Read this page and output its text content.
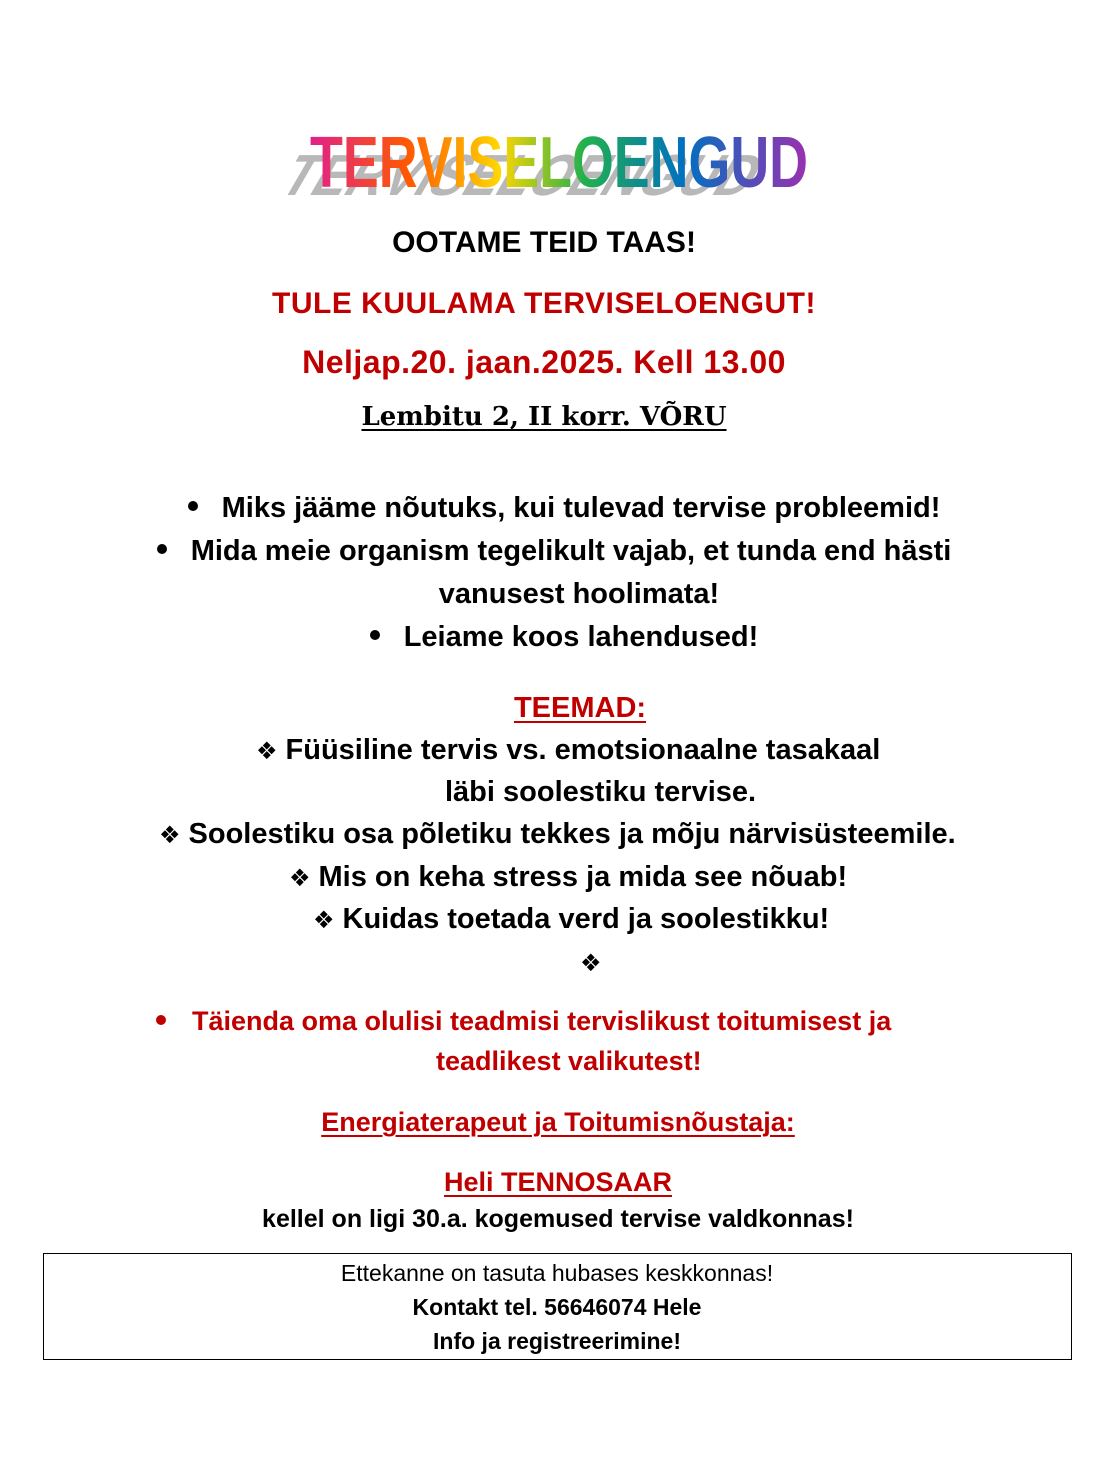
TERVISELOENGUD
TERVISELOENGUD
OOTAME TEID TAAS!
TULE KUULAMA TERVISELOENGUT!
Neljap.20. jaan.2025. Kell 13.00
Lembitu 2, II korr. VÕRU
Miks jääme nõutuks, kui tulevad tervise probleemid!
Mida meie organism tegelikult vajab, et tunda end hästi
vanusest hoolimata!
Leiame koos lahendused!
TEEMAD:
❖ Füüsiline tervis vs. emotsionaalne tasakaal
läbi soolestiku tervise.
❖ Soolestiku osa põletiku tekkes ja mõju närvisüsteemile.
❖ Mis on keha stress ja mida see nõuab!
❖ Kuidas toetada verd ja soolestikku!
❖
Täienda oma olulisi teadmisi tervislikust toitumisest ja
teadlikest valikutest!
Energiaterapeut ja Toitumisnõustaja:
Heli TENNOSAAR
kellel on ligi 30.a. kogemused tervise valdkonnas!
Ettekanne on tasuta hubases keskkonnas!
Kontakt tel. 56646074 Hele
Info ja registreerimine!
